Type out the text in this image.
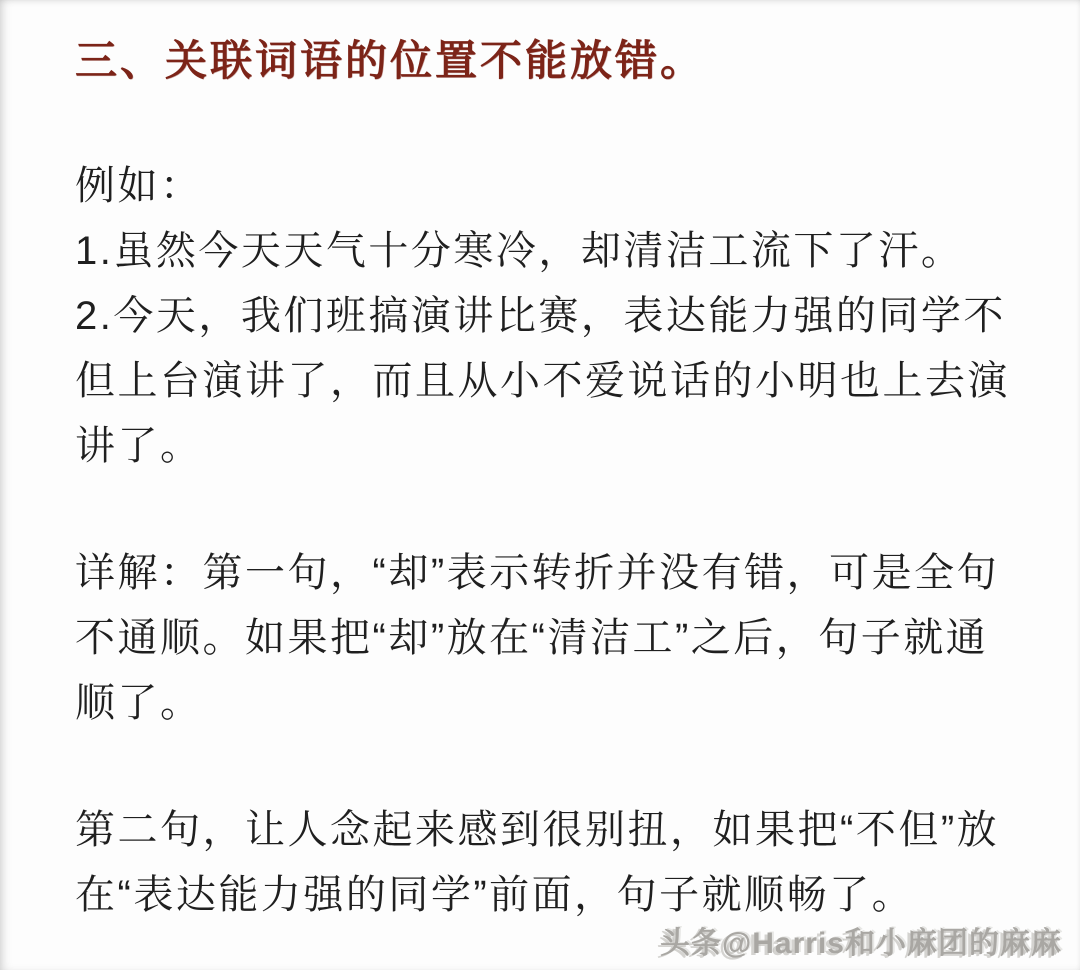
三、关联词语的位置不能放错。
例如：
1.虽然今天天气十分寒冷，却清洁工流下了汗。
2.今天，我们班搞演讲比赛，表达能力强的同学不但上台演讲了，而且从小不爱说话的小明也上去演讲了。
详解：第一句，“却”表示转折并没有错，可是全句不通顺。如果把“却”放在“清洁工”之后，句子就通顺了。
第二句，让人念起来感到很别扭，如果把“不但”放在“表达能力强的同学”前面，句子就顺畅了。
头条@Harris和小麻团的麻麻
